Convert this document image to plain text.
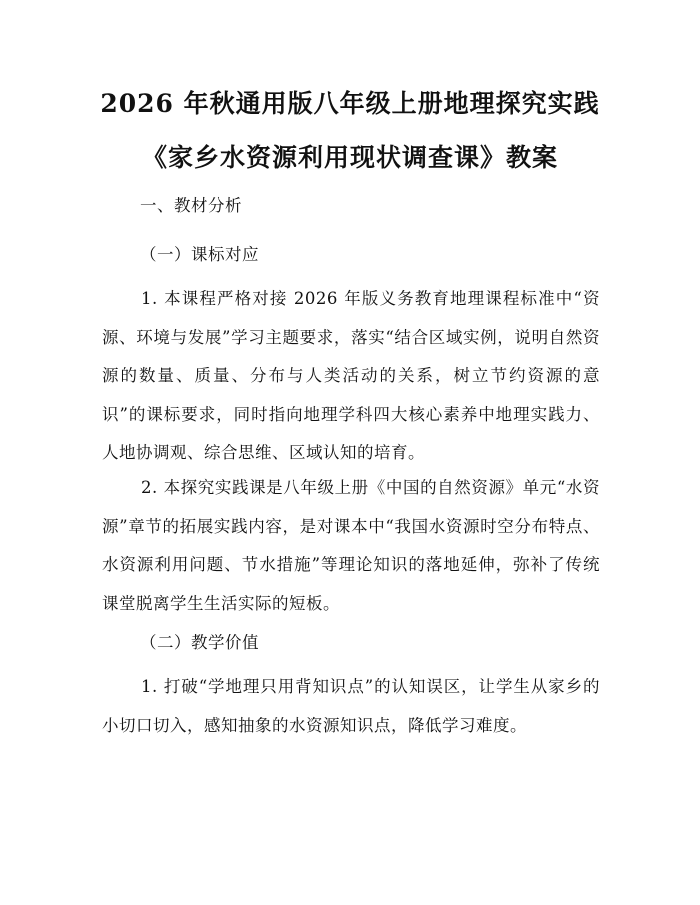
2026 年秋通用版八年级上册地理探究实践
《家乡水资源利用现状调查课》教案
一、教材分析
（一）课标对应
1. 本课程严格对接 2026 年版义务教育地理课程标准中“资源、环境与发展”学习主题要求，落实“结合区域实例，说明自然资源的数量、质量、分布与人类活动的关系，树立节约资源的意识”的课标要求，同时指向地理学科四大核心素养中地理实践力、人地协调观、综合思维、区域认知的培育。
2. 本探究实践课是八年级上册《中国的自然资源》单元“水资源”章节的拓展实践内容，是对课本中“我国水资源时空分布特点、水资源利用问题、节水措施”等理论知识的落地延伸，弥补了传统课堂脱离学生生活实际的短板。
（二）教学价值
1. 打破“学地理只用背知识点”的认知误区，让学生从家乡的小切口切入，感知抽象的水资源知识点，降低学习难度。
